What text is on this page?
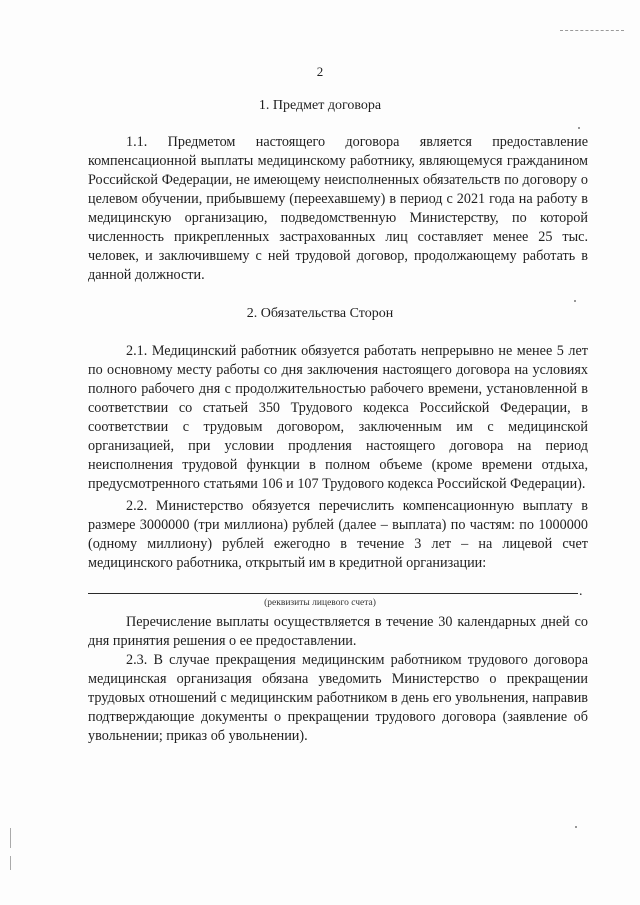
2
1. Предмет договора

1.1. Предметом настоящего договора является предоставление компенсационной выплаты медицинскому работнику, являющемуся гражданином Российской Федерации, не имеющему неисполненных обязательств по договору о целевом обучении, прибывшему (переехавшему) в период с 2021 года на работу в медицинскую организацию, подведомственную Министерству, по которой численность прикрепленных застрахованных лиц составляет менее 25 тыс. человек, и заключившему с ней трудовой договор, продолжающему работать в данной должности.

2. Обязательства Сторон

2.1. Медицинский работник обязуется работать непрерывно не менее 5 лет по основному месту работы со дня заключения настоящего договора на условиях полного рабочего дня с продолжительностью рабочего времени, установленной в соответствии со статьей 350 Трудового кодекса Российской Федерации, в соответствии с трудовым договором, заключенным им с медицинской организацией, при условии продления настоящего договора на период неисполнения трудовой функции в полном объеме (кроме времени отдыха, предусмотренного статьями 106 и 107 Трудового кодекса Российской Федерации).

2.2. Министерство обязуется перечислить компенсационную выплату в размере 3000000 (три миллиона) рублей (далее – выплата) по частям: по 1000000 (одному миллиону) рублей ежегодно в течение 3 лет – на лицевой счет медицинского работника, открытый им в кредитной организации:

.
(реквизиты лицевого счета)

Перечисление выплаты осуществляется в течение 30 календарных дней со дня принятия решения о ее предоставлении.

2.3. В случае прекращения медицинским работником трудового договора медицинская организация обязана уведомить Министерство о прекращении трудовых отношений с медицинским работником в день его увольнения, направив подтверждающие документы о прекращении трудового договора (заявление об увольнении; приказ об увольнении).
